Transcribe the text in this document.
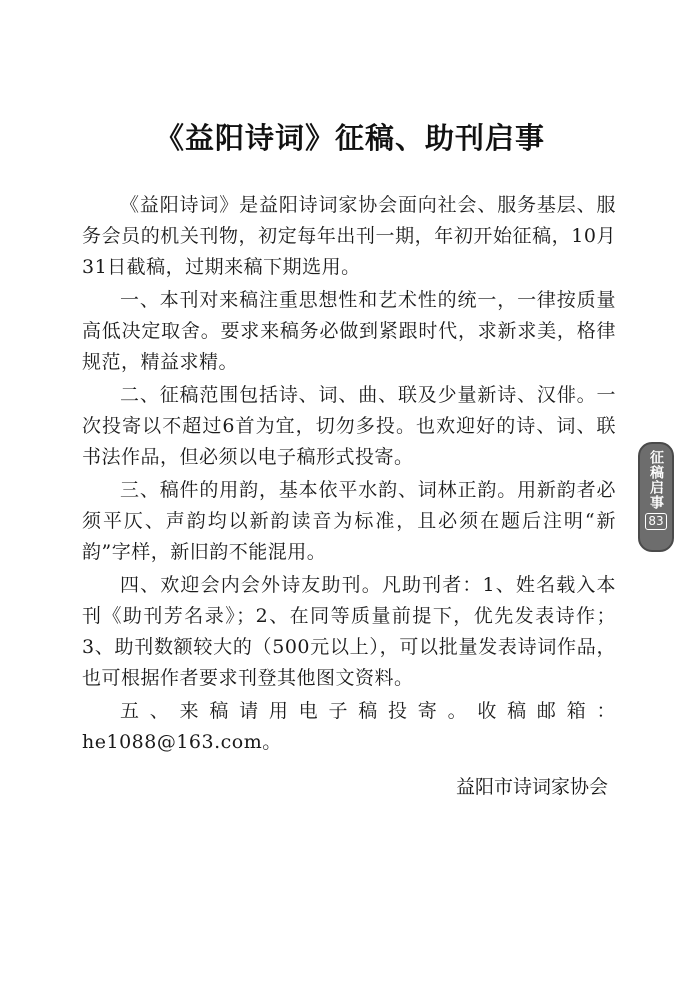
《益阳诗词》征稿、助刊启事

《益阳诗词》是益阳诗词家协会面向社会、服务基层、服务会员的机关刊物，初定每年出刊一期，年初开始征稿，10月31日截稿，过期来稿下期选用。

一、本刊对来稿注重思想性和艺术性的统一，一律按质量高低决定取舍。要求来稿务必做到紧跟时代，求新求美，格律规范，精益求精。

二、征稿范围包括诗、词、曲、联及少量新诗、汉俳。一次投寄以不超过6首为宜，切勿多投。也欢迎好的诗、词、联书法作品，但必须以电子稿形式投寄。

三、稿件的用韵，基本依平水韵、词林正韵。用新韵者必须平仄、声韵均以新韵读音为标准，且必须在题后注明“新韵”字样，新旧韵不能混用。

四、欢迎会内会外诗友助刊。凡助刊者：1、姓名载入本刊《助刊芳名录》；2、在同等质量前提下，优先发表诗作；3、助刊数额较大的（500元以上），可以批量发表诗词作品，也可根据作者要求刊登其他图文资料。

五、来稿请用电子稿投寄。收稿邮箱：he1088@163.com。

益阳市诗词家协会
征稿启事
83
